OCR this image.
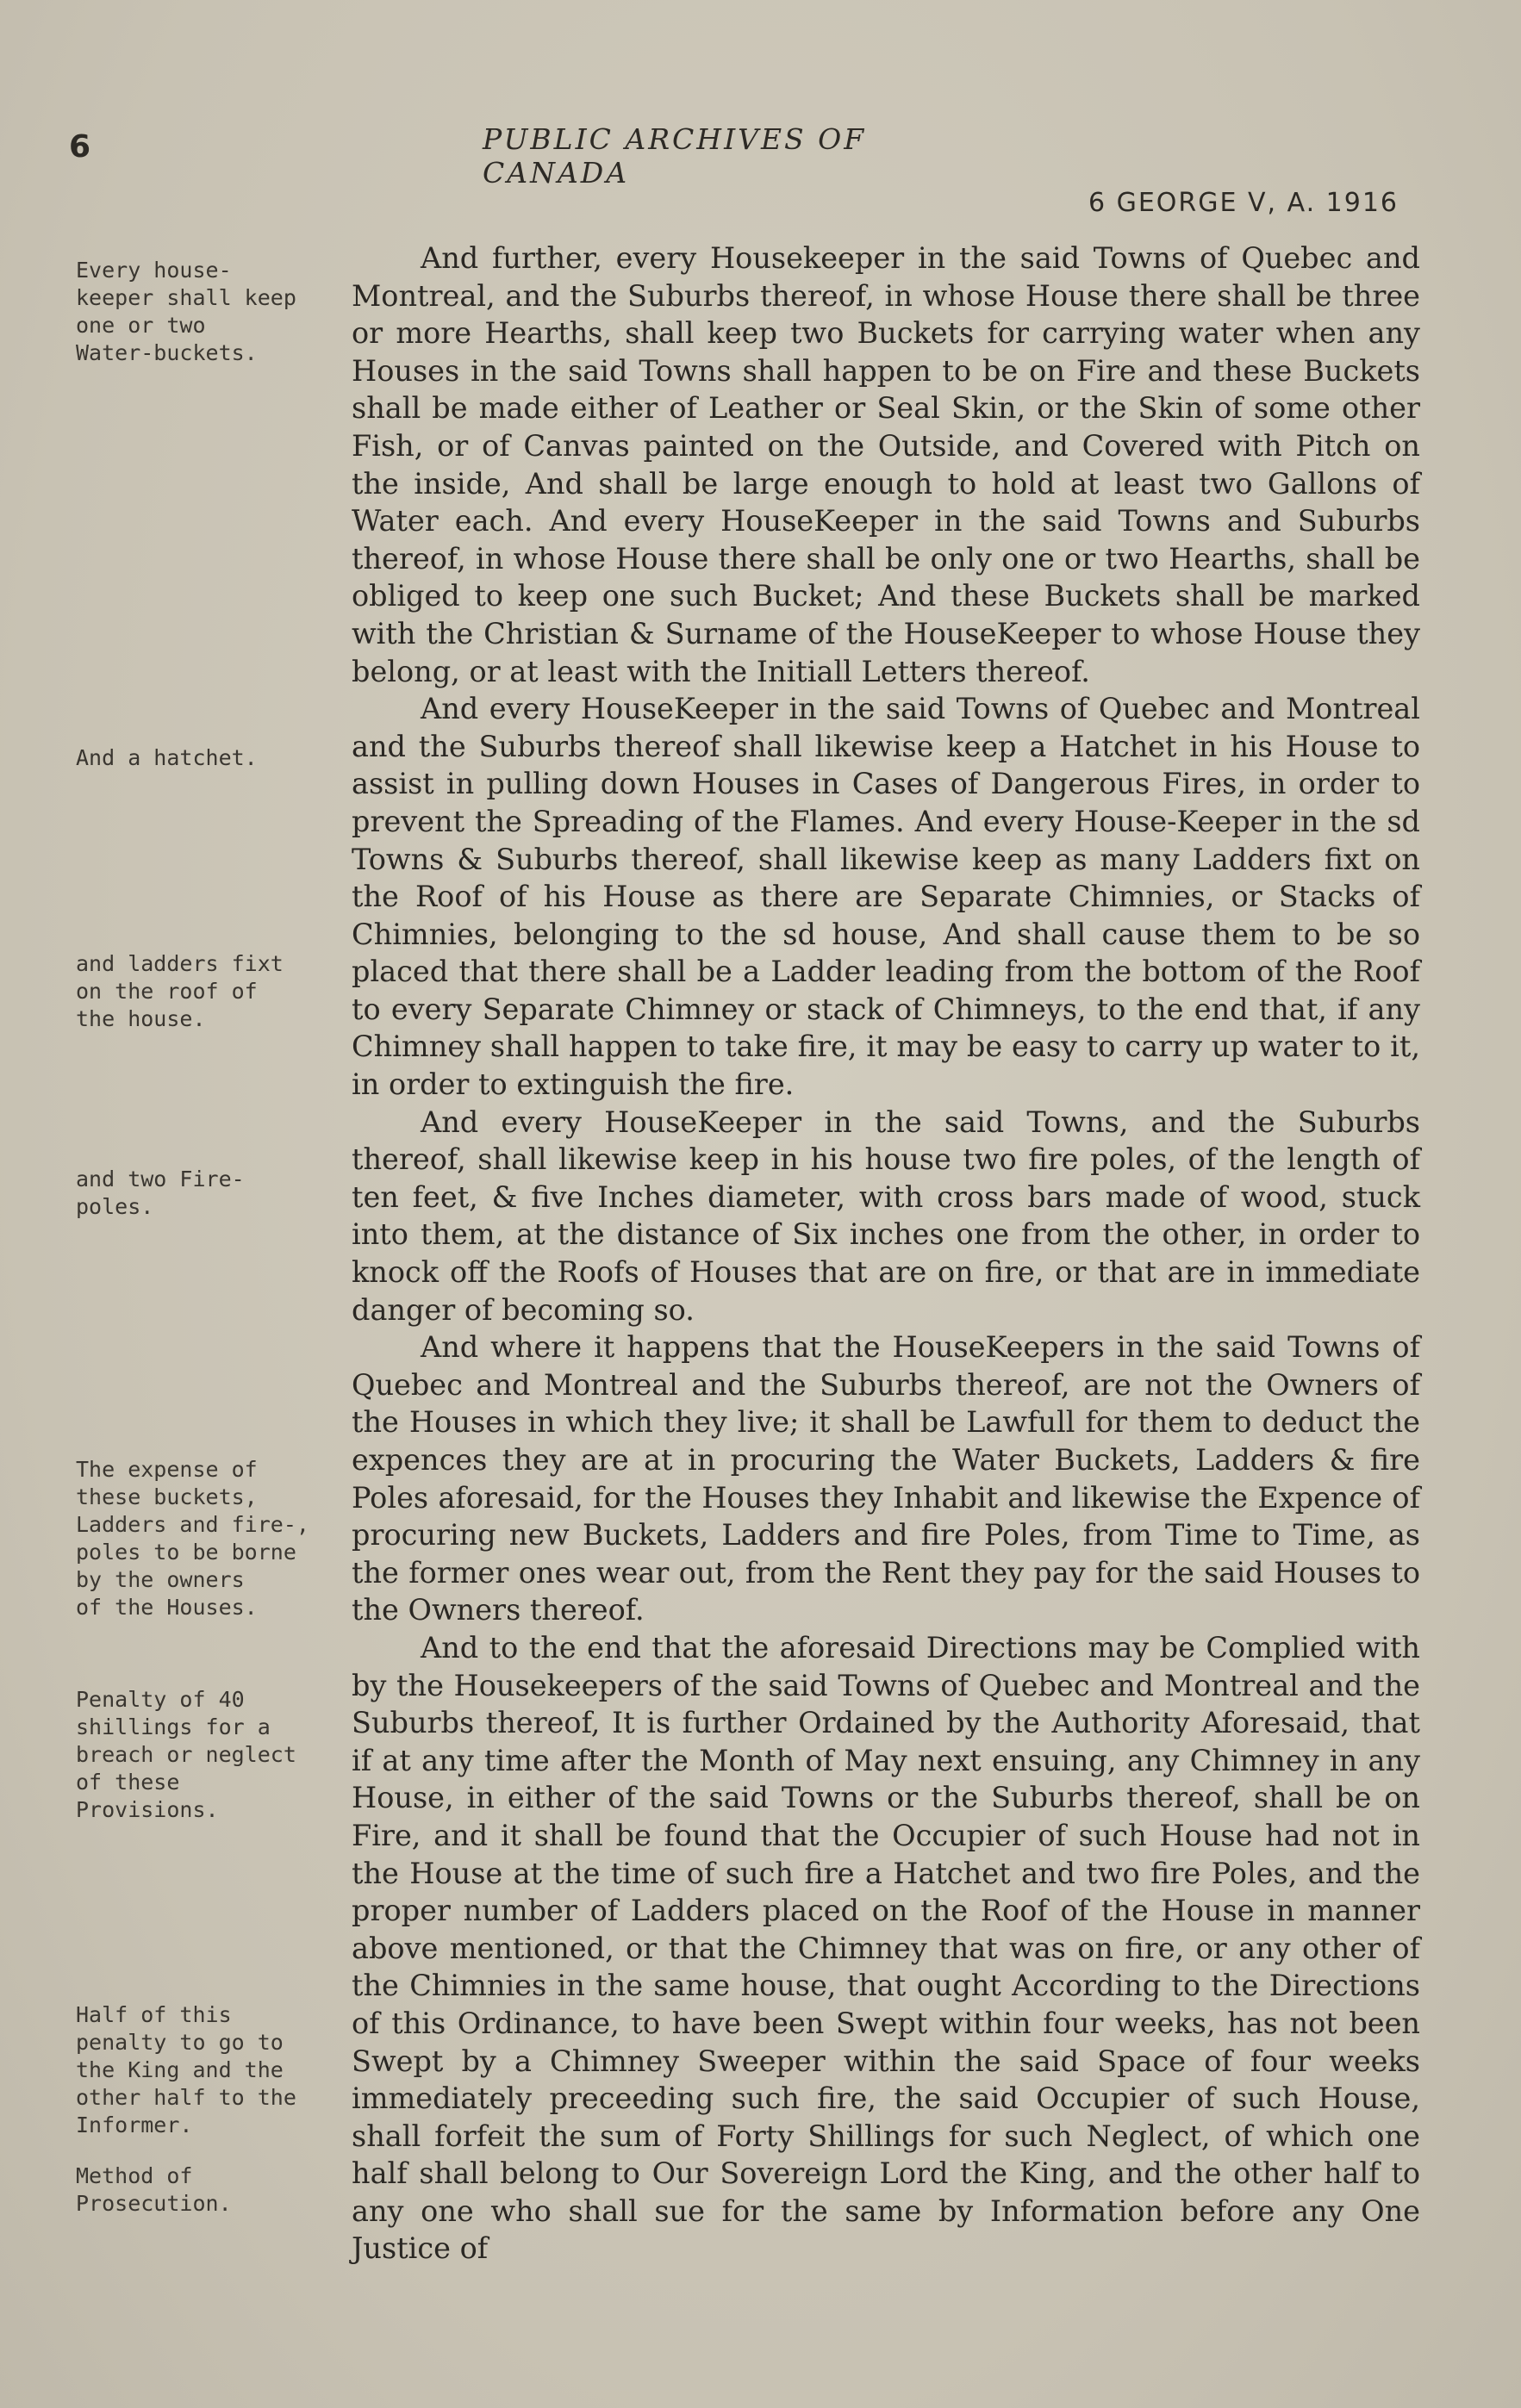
6	PUBLIC ARCHIVES OF CANADA
6 GEORGE V, A. 1916
Every house-
keeper shall keep
one or two
Water-buckets.
And a hatchet.
and ladders fixt
on the roof of
the house.
and two Fire-
poles.
The expense of
these buckets,
Ladders and fire-,
poles to be borne
by the owners
of the Houses.
Penalty of 40
shillings for a
breach or neglect
of these
Provisions.
Half of this
penalty to go to
the King and the
other half to the
Informer.
Method of
Prosecution.

And further, every Housekeeper in the said Towns of Quebec and Montreal, and the Suburbs thereof, in whose House there shall be three or more Hearths, shall keep two Buckets for carrying water when any Houses in the said Towns shall happen to be on Fire and these Buckets shall be made either of Leather or Seal Skin, or the Skin of some other Fish, or of Canvas painted on the Outside, and Covered with Pitch on the inside, And shall be large enough to hold at least two Gallons of Water each. And every HouseKeeper in the said Towns and Suburbs thereof, in whose House there shall be only one or two Hearths, shall be obliged to keep one such Bucket; And these Buckets shall be marked with the Christian & Surname of the HouseKeeper to whose House they belong, or at least with the Initiall Letters thereof.

And every HouseKeeper in the said Towns of Quebec and Montreal and the Suburbs thereof shall likewise keep a Hatchet in his House to assist in pulling down Houses in Cases of Dangerous Fires, in order to prevent the Spreading of the Flames. And every House-Keeper in the sd Towns & Suburbs thereof, shall likewise keep as many Ladders fixt on the Roof of his House as there are Separate Chimnies, or Stacks of Chimnies, belonging to the sd house, And shall cause them to be so placed that there shall be a Ladder leading from the bottom of the Roof to every Separate Chimney or stack of Chimneys, to the end that, if any Chimney shall happen to take fire, it may be easy to carry up water to it, in order to extinguish the fire.

And every HouseKeeper in the said Towns, and the Suburbs thereof, shall likewise keep in his house two fire poles, of the length of ten feet, & five Inches diameter, with cross bars made of wood, stuck into them, at the distance of Six inches one from the other, in order to knock off the Roofs of Houses that are on fire, or that are in immediate danger of becoming so.

And where it happens that the HouseKeepers in the said Towns of Quebec and Montreal and the Suburbs thereof, are not the Owners of the Houses in which they live; it shall be Lawfull for them to deduct the expences they are at in procuring the Water Buckets, Ladders & fire Poles aforesaid, for the Houses they Inhabit and likewise the Expence of procuring new Buckets, Ladders and fire Poles, from Time to Time, as the former ones wear out, from the Rent they pay for the said Houses to the Owners thereof.

And to the end that the aforesaid Directions may be Complied with by the Housekeepers of the said Towns of Quebec and Montreal and the Suburbs thereof, It is further Ordained by the Authority Aforesaid, that if at any time after the Month of May next ensuing, any Chimney in any House, in either of the said Towns or the Suburbs thereof, shall be on Fire, and it shall be found that the Occupier of such House had not in the House at the time of such fire a Hatchet and two fire Poles, and the proper number of Ladders placed on the Roof of the House in manner above mentioned, or that the Chimney that was on fire, or any other of the Chimnies in the same house, that ought According to the Directions of this Ordinance, to have been Swept within four weeks, has not been Swept by a Chimney Sweeper within the said Space of four weeks immediately preceeding such fire, the said Occupier of such House, shall forfeit the sum of Forty Shillings for such Neglect, of which one half shall belong to Our Sovereign Lord the King, and the other half to any one who shall sue for the same by Information before any One Justice of
